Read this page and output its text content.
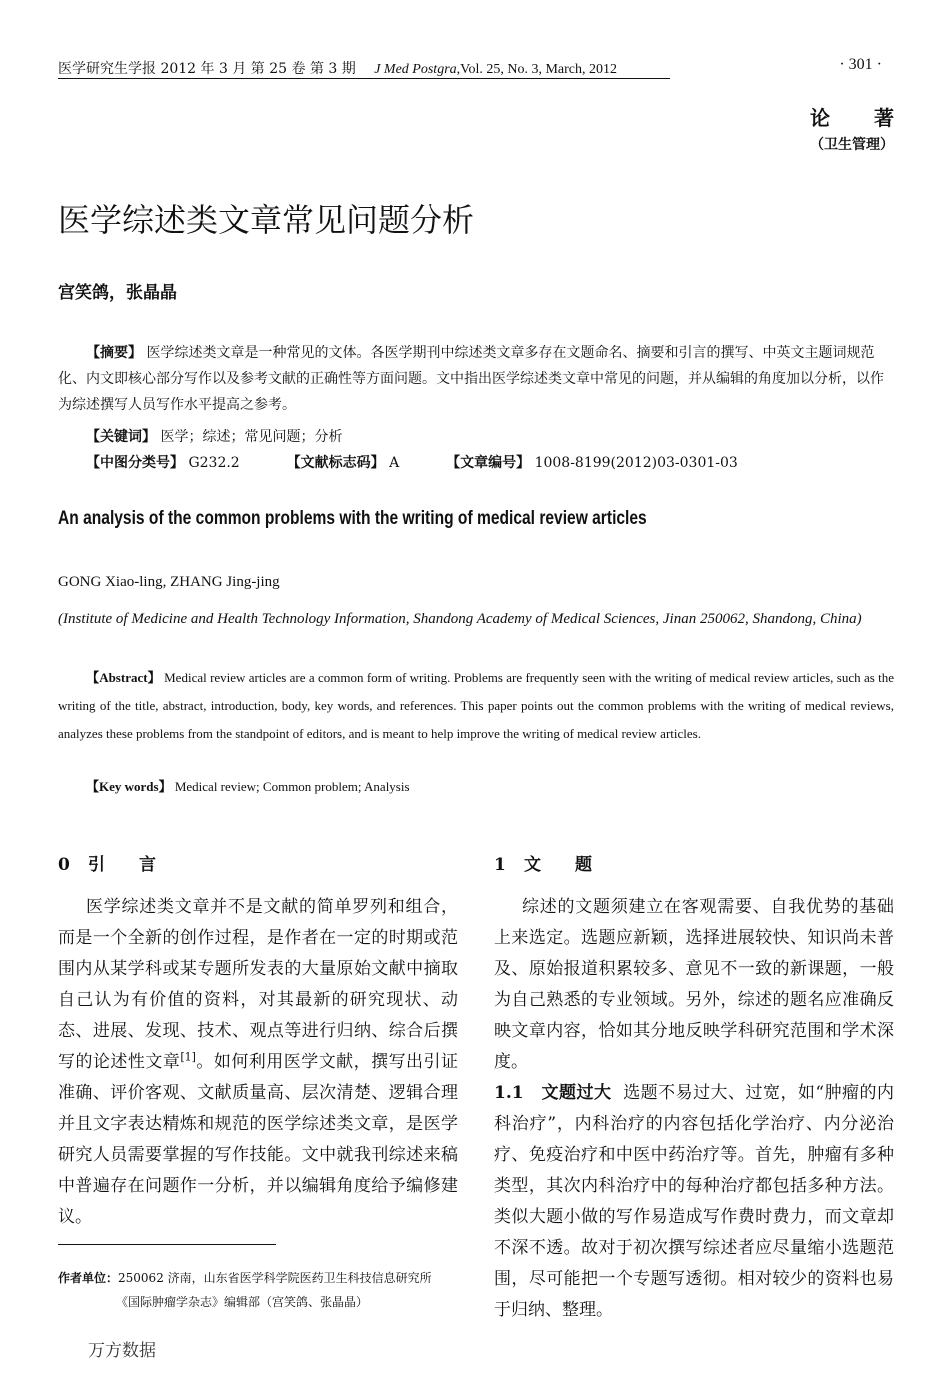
医学研究生学报 2012 年 3 月 第 25 卷 第 3 期 J Med Postgra,Vol. 25, No. 3, March, 2012	· 301 ·
论著
（卫生管理）
医学综述类文章常见问题分析
宫笑鸽，张晶晶

【摘要】 医学综述类文章是一种常见的文体。各医学期刊中综述类文章多存在文题命名、摘要和引言的撰写、中英文主题词规范化、内文即核心部分写作以及参考文献的正确性等方面问题。文中指出医学综述类文章中常见的问题，并从编辑的角度加以分析，以作为综述撰写人员写作水平提高之参考。

【关键词】 医学；综述；常见问题；分析
【中图分类号】 G232.2	【文献标志码】 A	【文章编号】 1008-8199(2012)03-0301-03
An analysis of the common problems with the writing of medical review articles
GONG Xiao-ling, ZHANG Jing-jing
(Institute of Medicine and Health Technology Information, Shandong Academy of Medical Sciences, Jinan 250062, Shandong, China)
【Abstract】 Medical review articles are a common form of writing. Problems are frequently seen with the writing of medical review articles, such as the writing of the title, abstract, introduction, body, key words, and references. This paper points out the common problems with the writing of medical reviews, analyzes these problems from the standpoint of editors, and is meant to help improve the writing of medical review articles.
【Key words】 Medical review; Common problem; Analysis
0 引言	1 文题

医学综述类文章并不是文献的简单罗列和组合，而是一个全新的创作过程，是作者在一定的时期或范围内从某学科或某专题所发表的大量原始文献中摘取自己认为有价值的资料，对其最新的研究现状、动态、进展、发现、技术、观点等进行归纳、综合后撰写的论述性文章[1]。如何利用医学文献，撰写出引证准确、评价客观、文献质量高、层次清楚、逻辑合理并且文字表达精炼和规范的医学综述类文章，是医学研究人员需要掌握的写作技能。文中就我刊综述来稿中普遍存在问题作一分析，并以编辑角度给予编修建议。

综述的文题须建立在客观需要、自我优势的基础上来选定。选题应新颖，选择进展较快、知识尚未普及、原始报道积累较多、意见不一致的新课题，一般为自己熟悉的专业领域。另外，综述的题名应准确反映文章内容，恰如其分地反映学科研究范围和学术深度。

1.1　文题过大 选题不易过大、过宽，如“肿瘤的内科治疗”，内科治疗的内容包括化学治疗、内分泌治疗、免疫治疗和中医中药治疗等。首先，肿瘤有多种类型，其次内科治疗中的每种治疗都包括多种方法。类似大题小做的写作易造成写作费时费力，而文章却不深不透。故对于初次撰写综述者应尽量缩小选题范围，尽可能把一个专题写透彻。相对较少的资料也易于归纳、整理。

作者单位：250062 济南，山东省医学科学院医药卫生科技信息研究所
《国际肿瘤学杂志》编辑部（宫笑鸽、张晶晶）
万方数据
